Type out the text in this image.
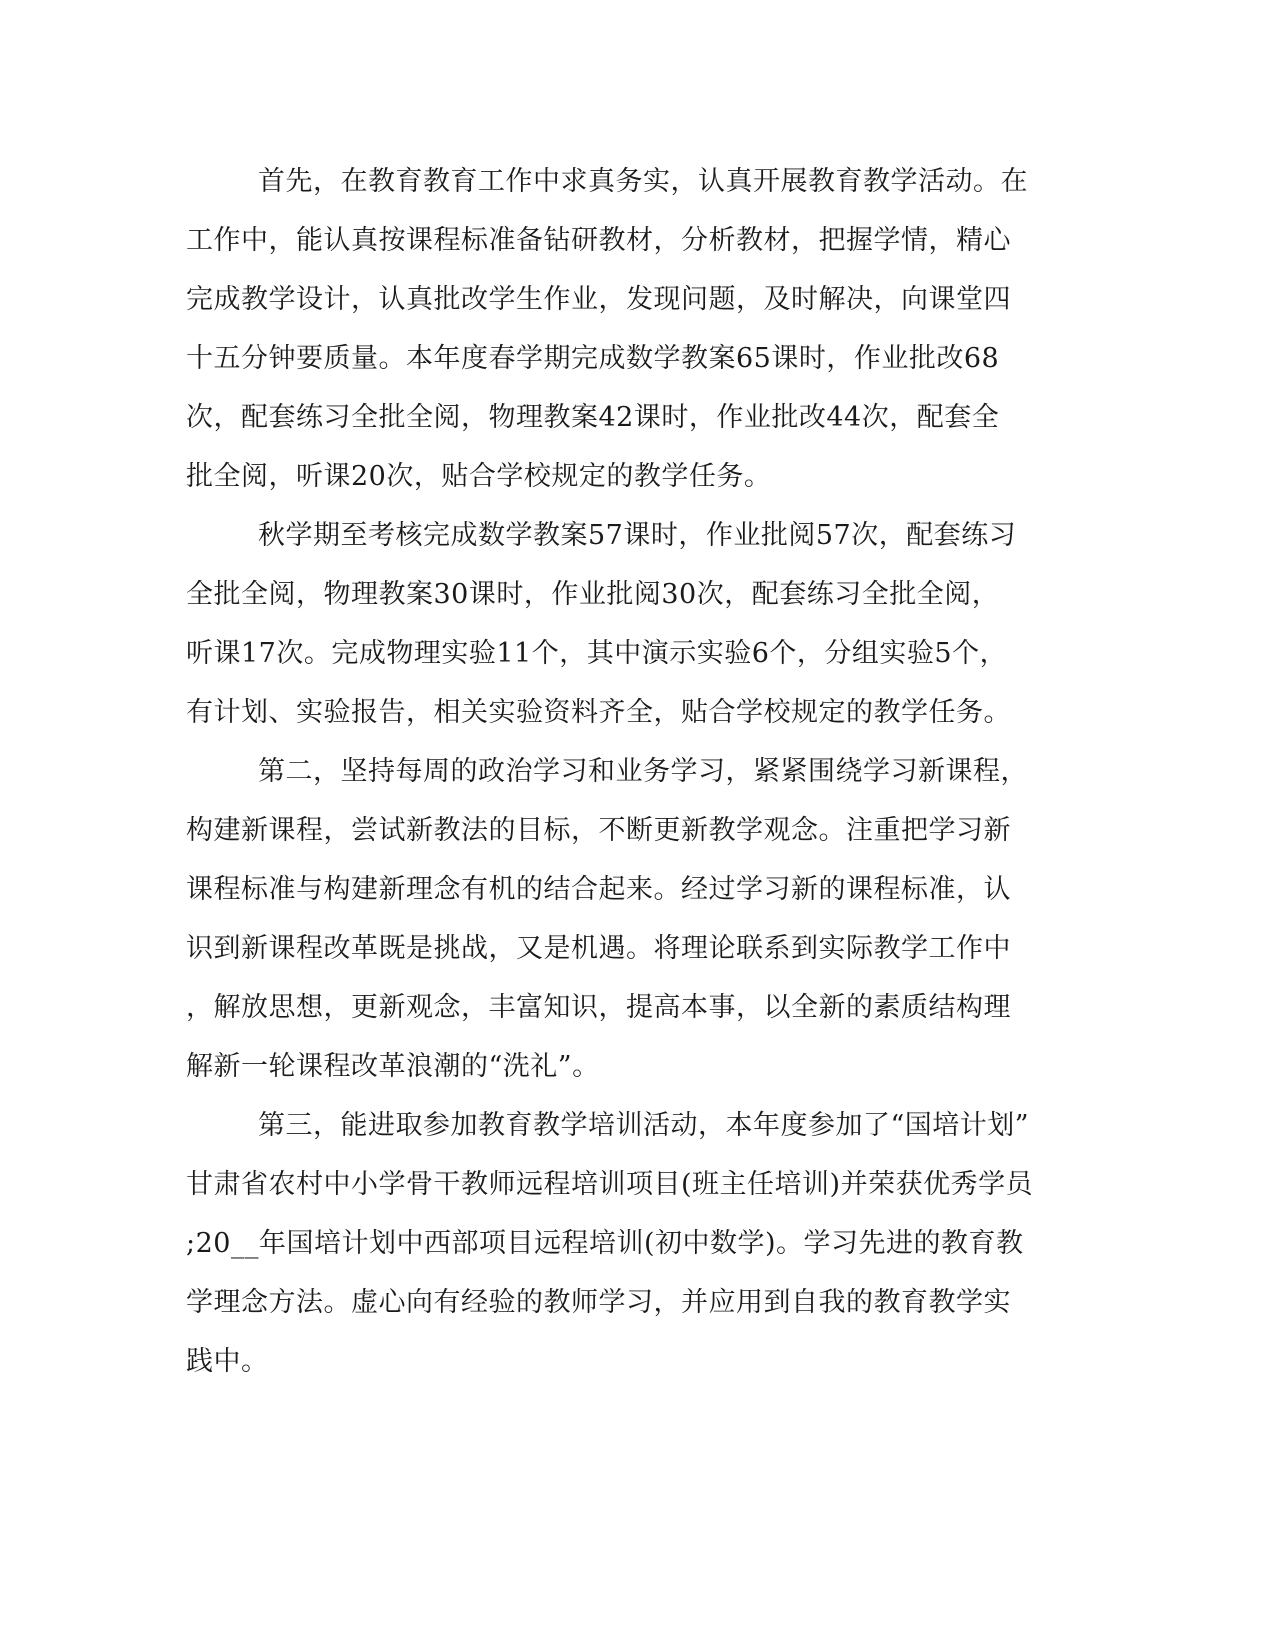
首先，在教育教育工作中求真务实，认真开展教育教学活动。在

工作中，能认真按课程标准备钻研教材，分析教材，把握学情，精心

完成教学设计，认真批改学生作业，发现问题，及时解决，向课堂四

十五分钟要质量。本年度春学期完成数学教案65课时，作业批改68

次，配套练习全批全阅，物理教案42课时，作业批改44次，配套全

批全阅，听课20次，贴合学校规定的教学任务。

秋学期至考核完成数学教案57课时，作业批阅57次，配套练习

全批全阅，物理教案30课时，作业批阅30次，配套练习全批全阅，

听课17次。完成物理实验11个，其中演示实验6个，分组实验5个，

有计划、实验报告，相关实验资料齐全，贴合学校规定的教学任务。

第二，坚持每周的政治学习和业务学习，紧紧围绕学习新课程，

构建新课程，尝试新教法的目标，不断更新教学观念。注重把学习新

课程标准与构建新理念有机的结合起来。经过学习新的课程标准，认

识到新课程改革既是挑战，又是机遇。将理论联系到实际教学工作中

，解放思想，更新观念，丰富知识，提高本事，以全新的素质结构理

解新一轮课程改革浪潮的“洗礼”。

第三，能进取参加教育教学培训活动，本年度参加了“国培计划”

甘肃省农村中小学骨干教师远程培训项目(班主任培训)并荣获优秀学员

;20__年国培计划中西部项目远程培训(初中数学)。学习先进的教育教

学理念方法。虚心向有经验的教师学习，并应用到自我的教育教学实

践中。
